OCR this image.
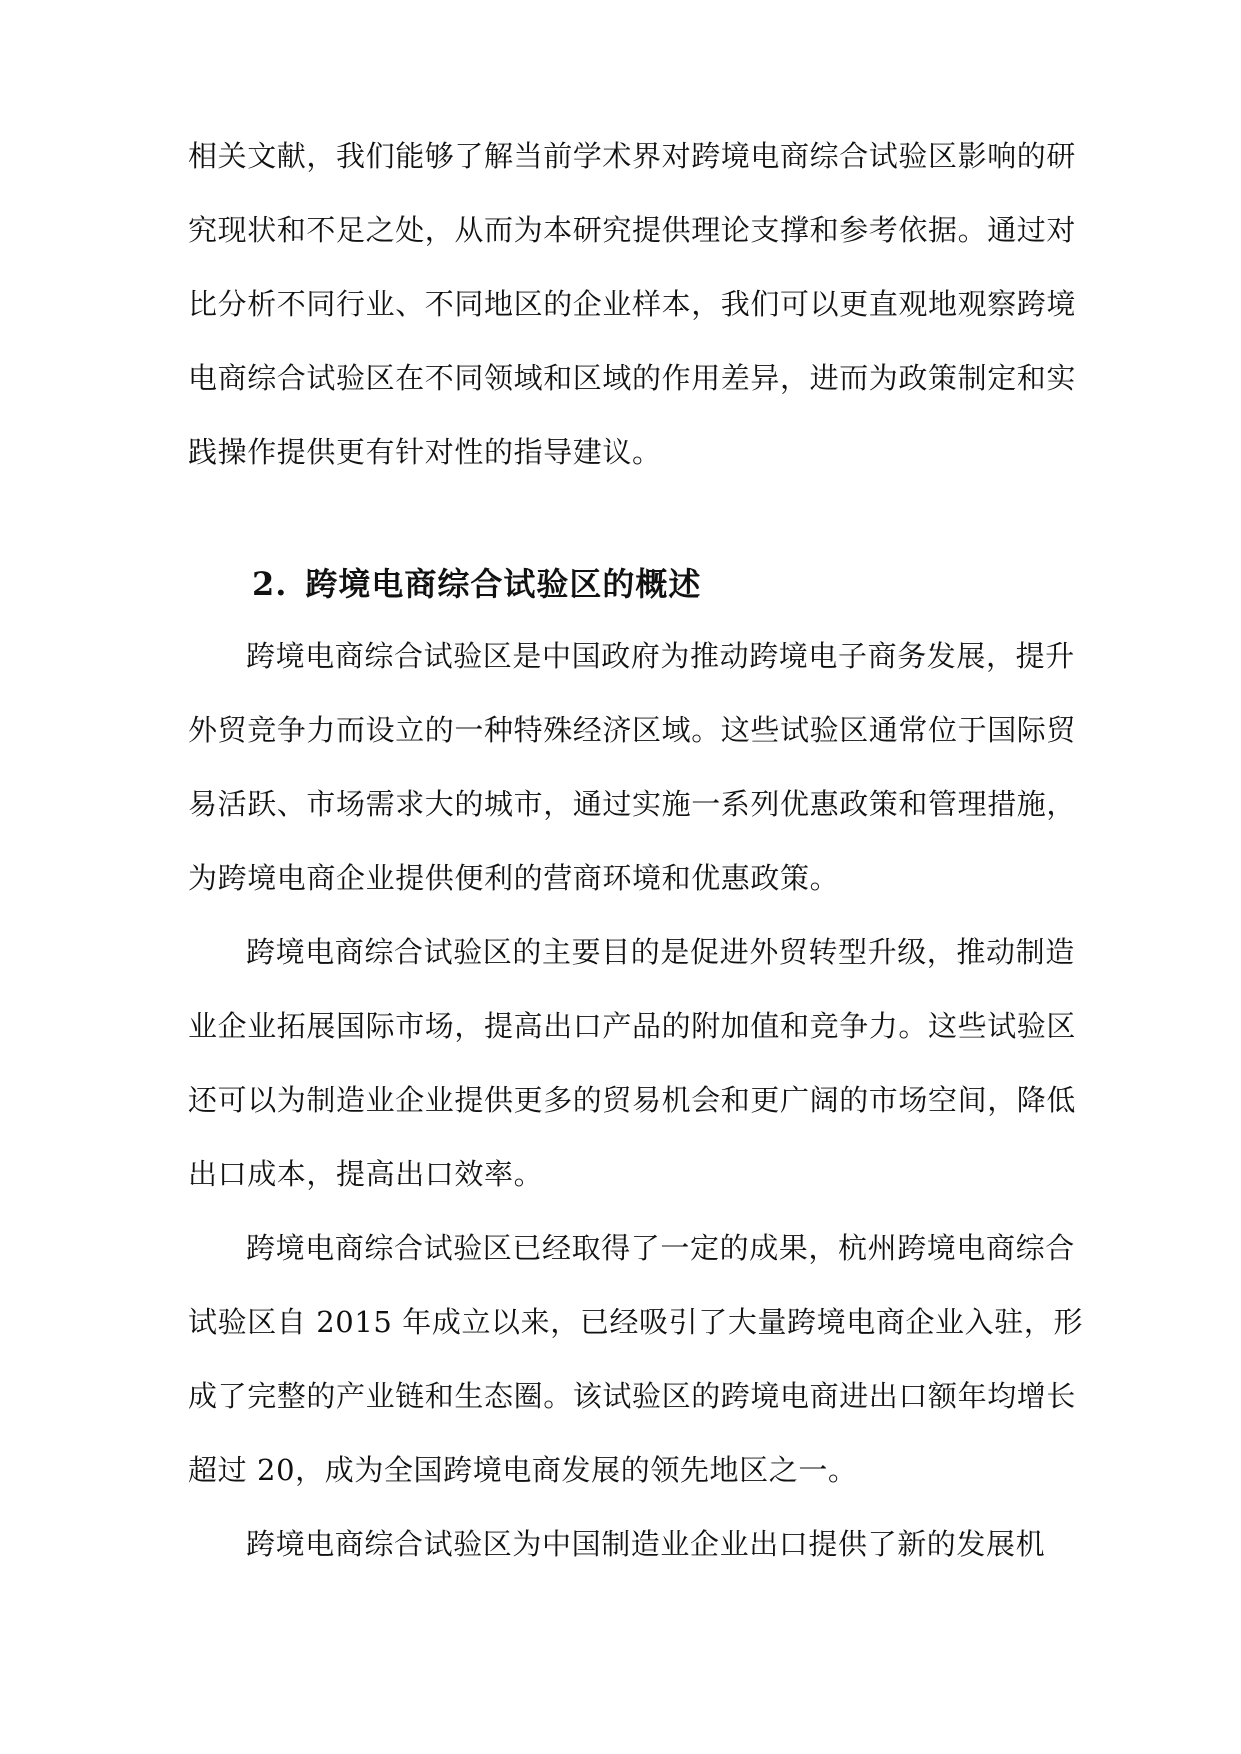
相关文献，我们能够了解当前学术界对跨境电商综合试验区影响的研
究现状和不足之处，从而为本研究提供理论支撑和参考依据。通过对
比分析不同行业、不同地区的企业样本，我们可以更直观地观察跨境
电商综合试验区在不同领域和区域的作用差异，进而为政策制定和实
践操作提供更有针对性的指导建议。
2. 跨境电商综合试验区的概述
跨境电商综合试验区是中国政府为推动跨境电子商务发展，提升
外贸竞争力而设立的一种特殊经济区域。这些试验区通常位于国际贸
易活跃、市场需求大的城市，通过实施一系列优惠政策和管理措施，
为跨境电商企业提供便利的营商环境和优惠政策。
跨境电商综合试验区的主要目的是促进外贸转型升级，推动制造
业企业拓展国际市场，提高出口产品的附加值和竞争力。这些试验区
还可以为制造业企业提供更多的贸易机会和更广阔的市场空间，降低
出口成本，提高出口效率。
跨境电商综合试验区已经取得了一定的成果，杭州跨境电商综合
试验区自 2015 年成立以来，已经吸引了大量跨境电商企业入驻，形
成了完整的产业链和生态圈。该试验区的跨境电商进出口额年均增长
超过 20，成为全国跨境电商发展的领先地区之一。
跨境电商综合试验区为中国制造业企业出口提供了新的发展机
